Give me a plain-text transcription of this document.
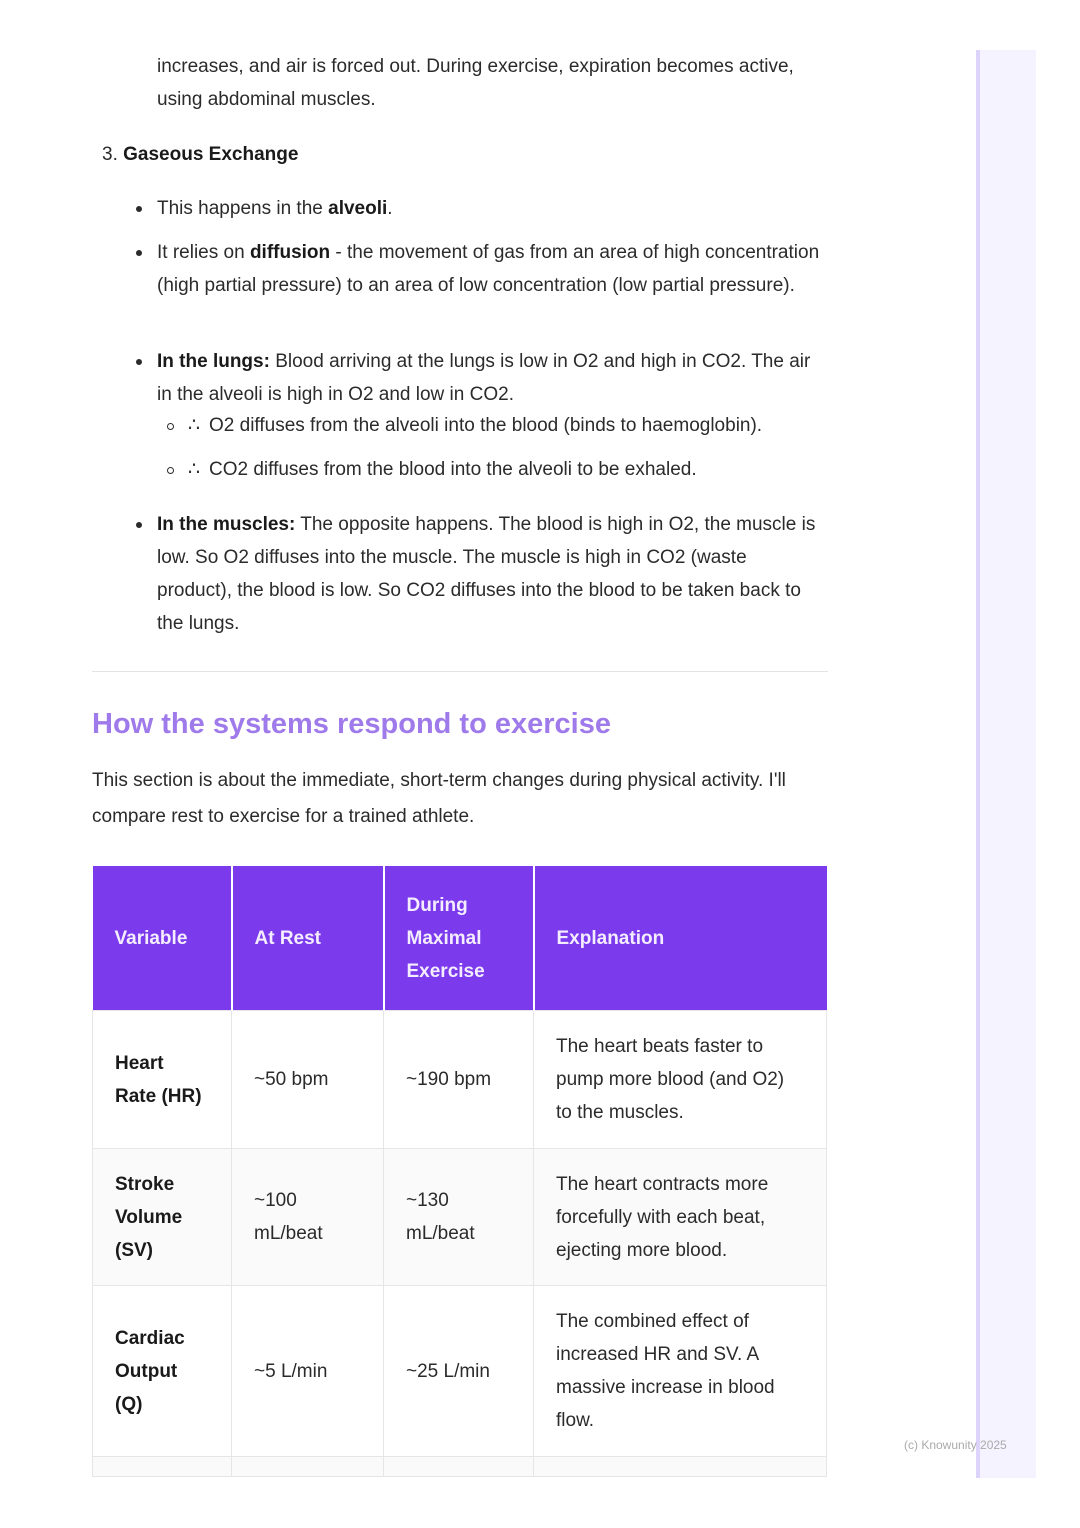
increases, and air is forced out. During exercise, expiration becomes active, using abdominal muscles.

3. Gaseous Exchange
This happens in the alveoli.
It relies on diffusion - the movement of gas from an area of high concentration (high partial pressure) to an area of low concentration (low partial pressure).
In the lungs: Blood arriving at the lungs is low in O2 and high in CO2. The air in the alveoli is high in O2 and low in CO2.
∴ O2 diffuses from the alveoli into the blood (binds to haemoglobin).
∴ CO2 diffuses from the blood into the alveoli to be exhaled.
In the muscles: The opposite happens. The blood is high in O2, the muscle is low. So O2 diffuses into the muscle. The muscle is high in CO2 (waste product), the blood is low. So CO2 diffuses into the blood to be taken back to the lungs.
How the systems respond to exercise

This section is about the immediate, short-term changes during physical activity. I'll compare rest to exercise for a trained athlete.

Variable	At Rest	During Maximal Exercise	Explanation
Heart Rate (HR)	~50 bpm	~190 bpm	The heart beats faster to pump more blood (and O2) to the muscles.
Stroke Volume (SV)	~100 mL/beat	~130 mL/beat	The heart contracts more forcefully with each beat, ejecting more blood.
Cardiac Output (Q)	~5 L/min	~25 L/min	The combined effect of increased HR and SV. A massive increase in blood flow.

(c) Knowunity 2025
